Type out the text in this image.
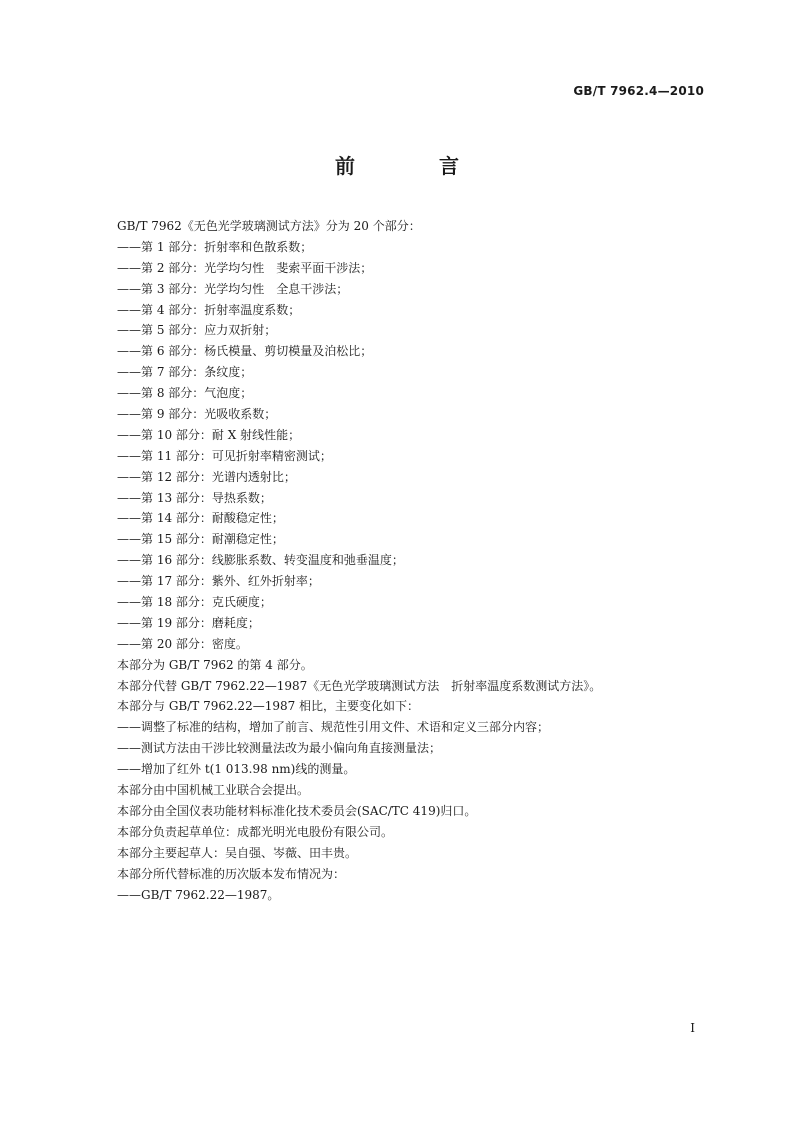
GB/T 7962.4—2010
前　言
GB/T 7962《无色光学玻璃测试方法》分为 20 个部分：
——第 1 部分：折射率和色散系数；
——第 2 部分：光学均匀性　斐索平面干涉法；
——第 3 部分：光学均匀性　全息干涉法；
——第 4 部分：折射率温度系数；
——第 5 部分：应力双折射；
——第 6 部分：杨氏模量、剪切模量及泊松比；
——第 7 部分：条纹度；
——第 8 部分：气泡度；
——第 9 部分：光吸收系数；
——第 10 部分：耐 X 射线性能；
——第 11 部分：可见折射率精密测试；
——第 12 部分：光谱内透射比；
——第 13 部分：导热系数；
——第 14 部分：耐酸稳定性；
——第 15 部分：耐潮稳定性；
——第 16 部分：线膨胀系数、转变温度和弛垂温度；
——第 17 部分：紫外、红外折射率；
——第 18 部分：克氏硬度；
——第 19 部分：磨耗度；
——第 20 部分：密度。
本部分为 GB/T 7962 的第 4 部分。
本部分代替 GB/T 7962.22—1987《无色光学玻璃测试方法　折射率温度系数测试方法》。
本部分与 GB/T 7962.22—1987 相比，主要变化如下：
——调整了标准的结构，增加了前言、规范性引用文件、术语和定义三部分内容；
——测试方法由干涉比较测量法改为最小偏向角直接测量法；
——增加了红外 t(1 013.98 nm)线的测量。
本部分由中国机械工业联合会提出。
本部分由全国仪表功能材料标准化技术委员会(SAC/TC 419)归口。
本部分负责起草单位：成都光明光电股份有限公司。
本部分主要起草人：吴自强、岑薇、田丰贵。
本部分所代替标准的历次版本发布情况为：
——GB/T 7962.22—1987。
I
